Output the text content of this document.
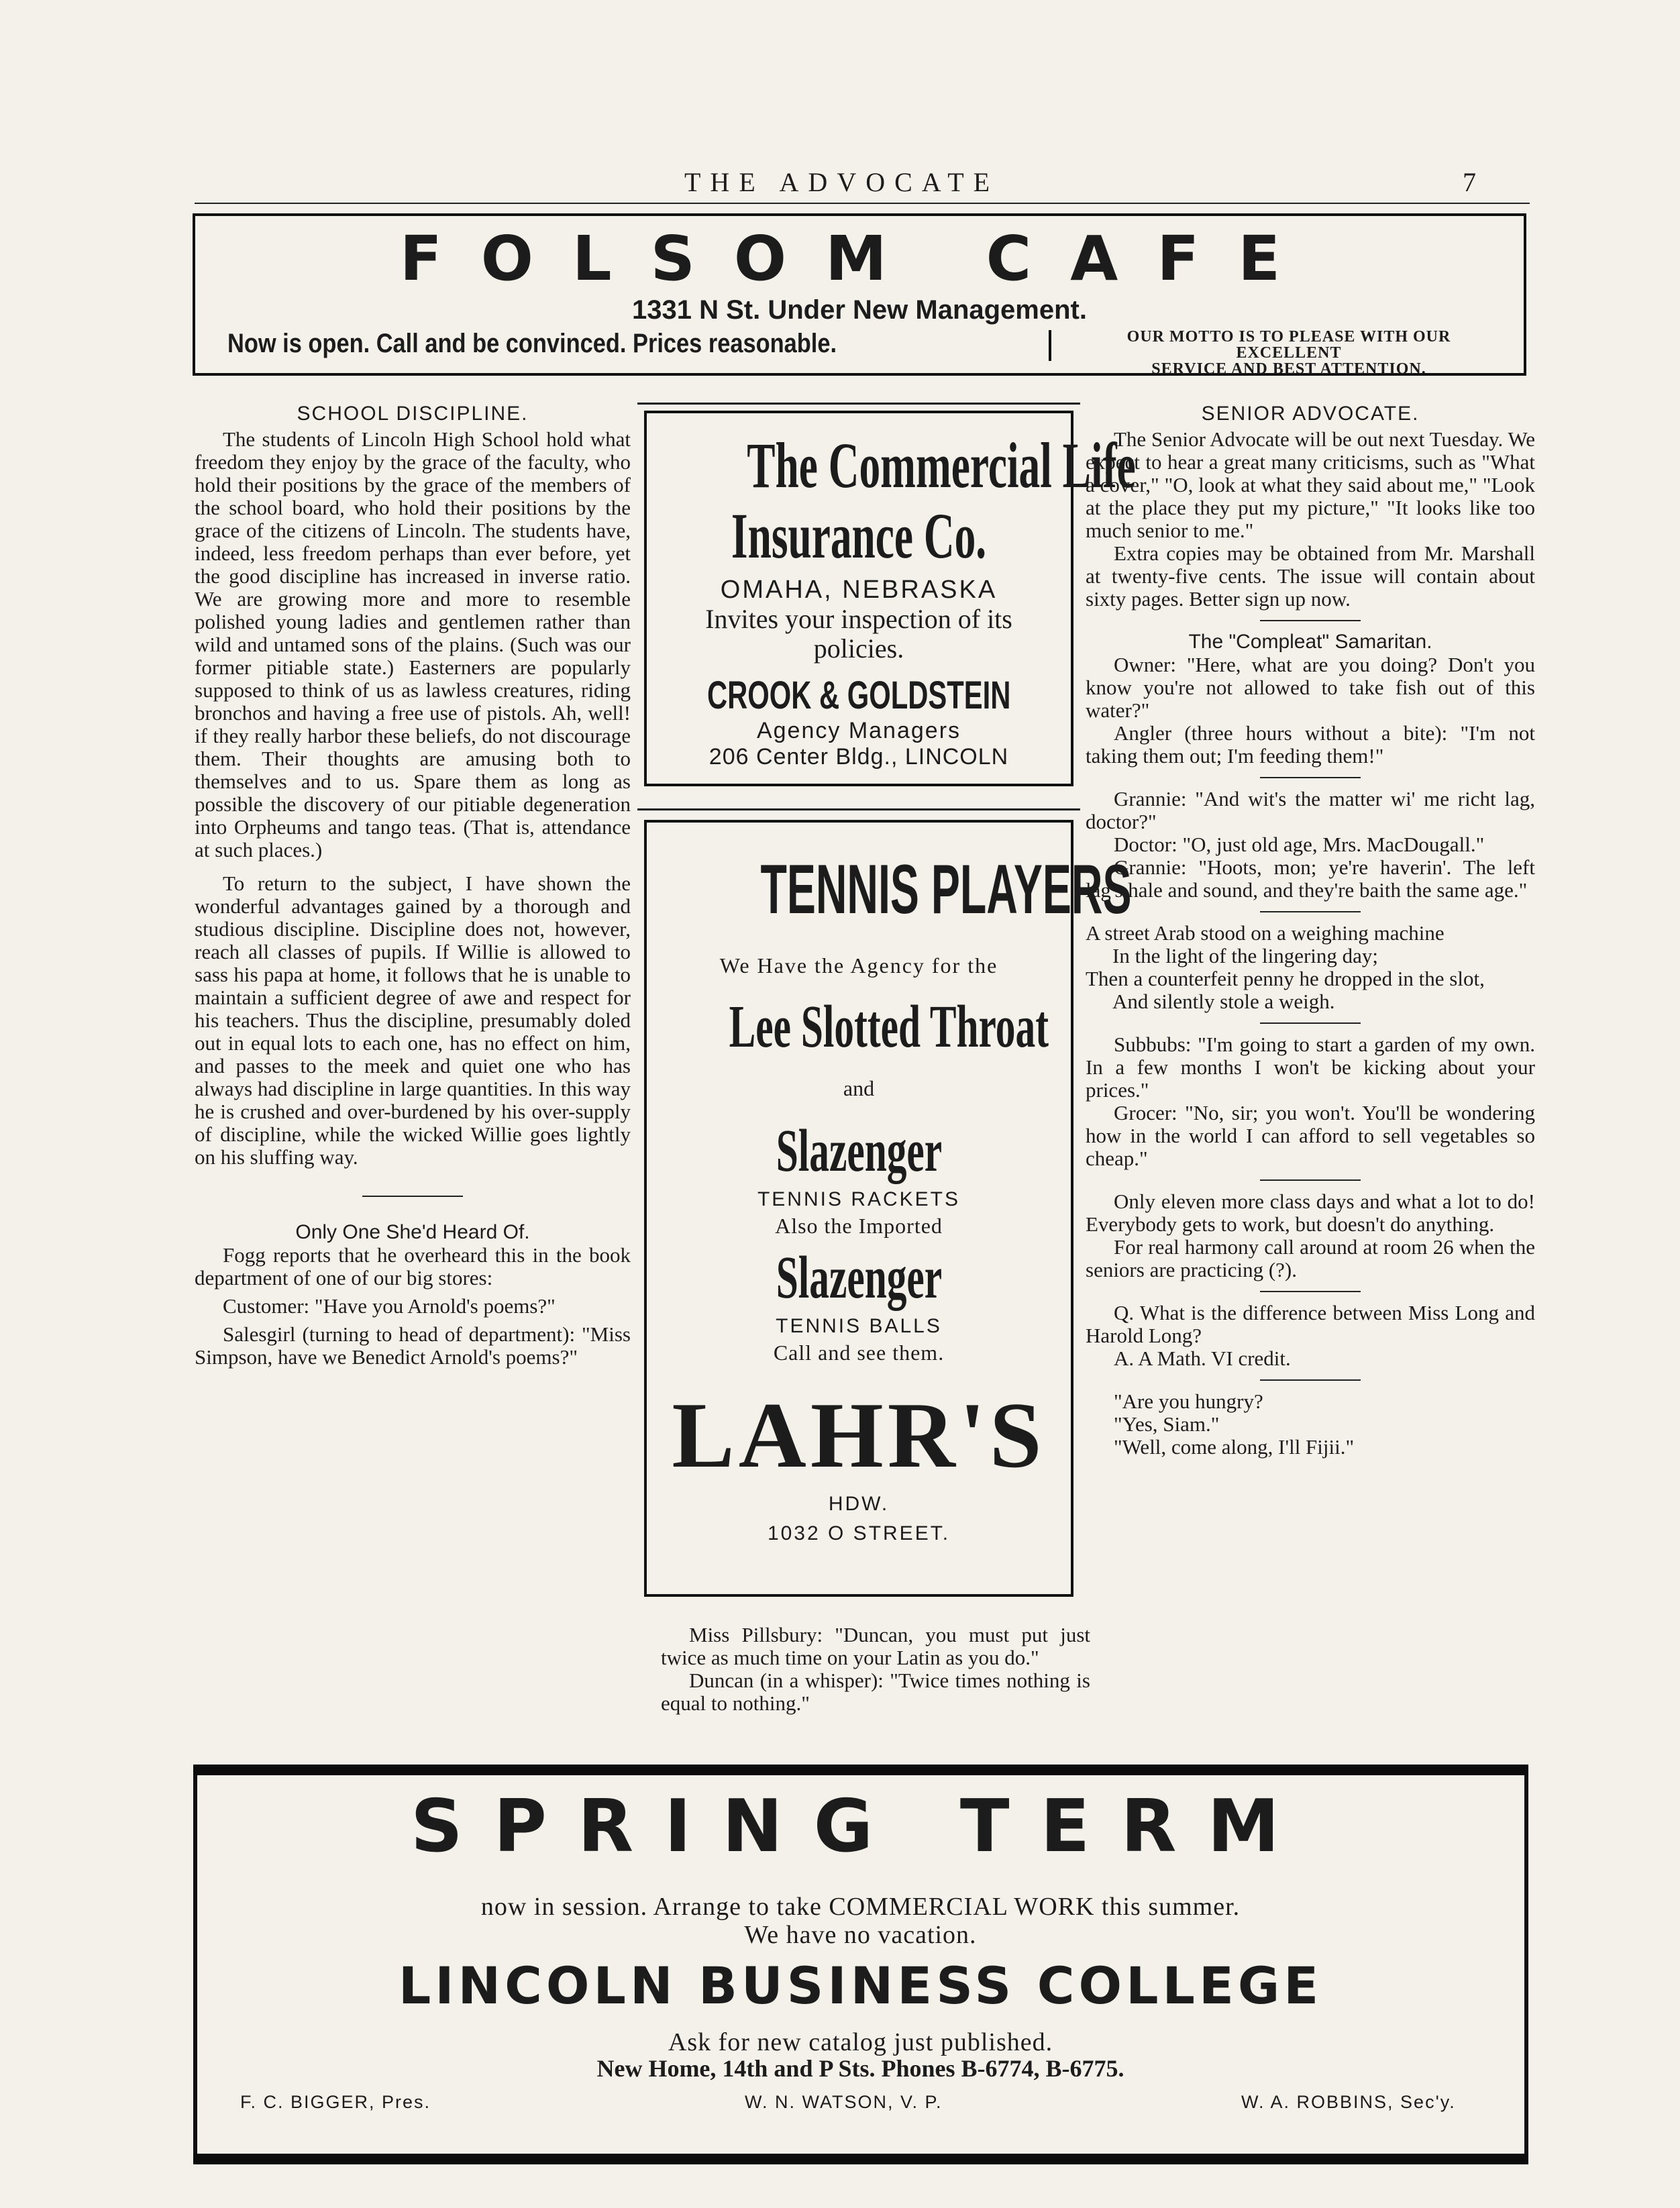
THE ADVOCATE	7
FOLSOM CAFE
1331 N St. Under New Management.
Now is open. Call and be convinced. Prices reasonable.	OUR MOTTO IS TO PLEASE WITH OUR EXCELLENT
SERVICE AND BEST ATTENTION.

SCHOOL DISCIPLINE.

The students of Lincoln High School hold what freedom they enjoy by the grace of the faculty, who hold their positions by the grace of the members of the school board, who hold their positions by the grace of the citizens of Lincoln. The students have, indeed, less freedom perhaps than ever before, yet the good discipline has increased in inverse ratio. We are growing more and more to resemble polished young ladies and gentlemen rather than wild and untamed sons of the plains. (Such was our former pitiable state.) Easterners are popularly supposed to think of us as lawless creatures, riding bronchos and having a free use of pistols. Ah, well! if they really harbor these beliefs, do not discourage them. Their thoughts are amusing both to themselves and to us. Spare them as long as possible the discovery of our pitiable degeneration into Orpheums and tango teas. (That is, attendance at such places.)

To return to the subject, I have shown the wonderful advantages gained by a thorough and studious discipline. Discipline does not, however, reach all classes of pupils. If Willie is allowed to sass his papa at home, it follows that he is unable to maintain a sufficient degree of awe and respect for his teachers. Thus the discipline, presumably doled out in equal lots to each one, has no effect on him, and passes to the meek and quiet one who has always had discipline in large quantities. In this way he is crushed and over-burdened by his over-supply of discipline, while the wicked Willie goes lightly on his sluffing way.

Only One She'd Heard Of.

Fogg reports that he overheard this in the book department of one of our big stores:

Customer: "Have you Arnold's poems?"

Salesgirl (turning to head of department): "Miss Simpson, have we Benedict Arnold's poems?"

The Commercial Life
Insurance Co.
OMAHA, NEBRASKA
Invites your inspection of its policies.
CROOK & GOLDSTEIN
Agency Managers
206 Center Bldg., LINCOLN
TENNIS PLAYERS
We Have the Agency for the
Lee Slotted Throat
and
Slazenger
TENNIS RACKETS
Also the Imported
Slazenger
TENNIS BALLS
Call and see them.
LAHR'S
HDW.
1032 O STREET.

Miss Pillsbury: "Duncan, you must put just twice as much time on your Latin as you do."

Duncan (in a whisper): "Twice times nothing is equal to nothing."

SENIOR ADVOCATE.

The Senior Advocate will be out next Tuesday. We expect to hear a great many criticisms, such as "What a cover," "O, look at what they said about me," "Look at the place they put my picture," "It looks like too much senior to me."

Extra copies may be obtained from Mr. Marshall at twenty-five cents. The issue will contain about sixty pages. Better sign up now.

The "Compleat" Samaritan.

Owner: "Here, what are you doing? Don't you know you're not allowed to take fish out of this water?"

Angler (three hours without a bite): "I'm not taking them out; I'm feeding them!"

Grannie: "And wit's the matter wi' me richt lag, doctor?"

Doctor: "O, just old age, Mrs. MacDougall."

Grannie: "Hoots, mon; ye're haverin'. The left lag's hale and sound, and they're baith the same age."

A street Arab stood on a weighing machine

In the light of the lingering day;

Then a counterfeit penny he dropped in the slot,

And silently stole a weigh.

Subbubs: "I'm going to start a garden of my own. In a few months I won't be kicking about your prices."

Grocer: "No, sir; you won't. You'll be wondering how in the world I can afford to sell vegetables so cheap."

Only eleven more class days and what a lot to do! Everybody gets to work, but doesn't do anything.

For real harmony call around at room 26 when the seniors are practicing (?).

Q. What is the difference between Miss Long and Harold Long?

A. A Math. VI credit.

"Are you hungry?

"Yes, Siam."

"Well, come along, I'll Fijii."

SPRING TERM
now in session. Arrange to take COMMERCIAL WORK this summer.
We have no vacation.
LINCOLN BUSINESS COLLEGE
Ask for new catalog just published.
New Home, 14th and P Sts. Phones B-6774, B-6775.
F. C. BIGGER, Pres.	W. N. WATSON, V. P.	W. A. ROBBINS, Sec'y.
